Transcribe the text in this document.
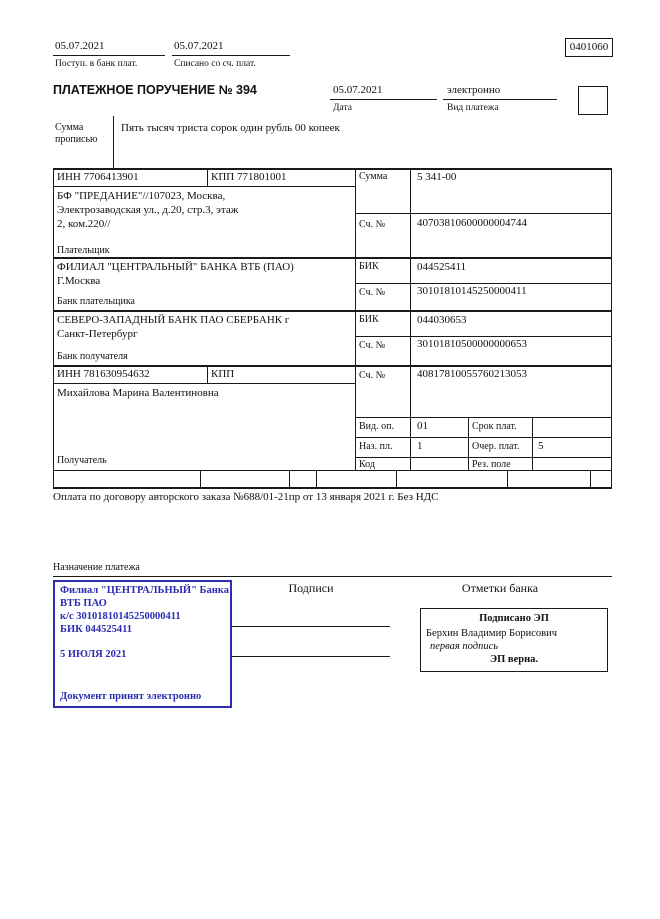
05.07.2021	05.07.2021
Поступ. в банк плат.	Списано со сч. плат.
0401060
ПЛАТЕЖНОЕ ПОРУЧЕНИЕ № 394	05.07.2021	электронно
Дата	Вид платежа
Сумма прописью
Пять тысяч триста сорок один рубль 00 копеек
ИНН 7706413901	КПП 771801001	Сумма	5 341-00
БФ "ПРЕДАНИЕ"//107023, Москва,
Электрозаводская ул., д.20, стр.3, этаж
2, ком.220//
Плательщик
Сч. №	40703810600000004744
ФИЛИАЛ "ЦЕНТРАЛЬНЫЙ" БАНКА ВТБ (ПАО)
Г.Москва
Банк плательщика
БИК	044525411
Сч. №	30101810145250000411
СЕВЕРО-ЗАПАДНЫЙ БАНК ПАО СБЕРБАНК г
Санкт-Петербург
Банк получателя
БИК	044030653
Сч. №	30101810500000000653
ИНН 781630954632	КПП	Сч. №	40817810055760213053
Михайлова Марина Валентиновна
Получатель
Вид. оп. 01	Срок плат.
Наз. пл. 1	Очер. плат. 5
Код	Рез. поле
Оплата по договору авторского заказа №688/01-21пр от 13 января 2021 г. Без НДС
Назначение платежа
Подписи	Отметки банка
Филиал "ЦЕНТРАЛЬНЫЙ" Банка
ВТБ ПАО
к/с 30101810145250000411
БИК 044525411
5 ИЮЛЯ 2021
Документ принят электронно
Подписано ЭП
Берхин Владимир Борисович
первая подпись
ЭП верна.
